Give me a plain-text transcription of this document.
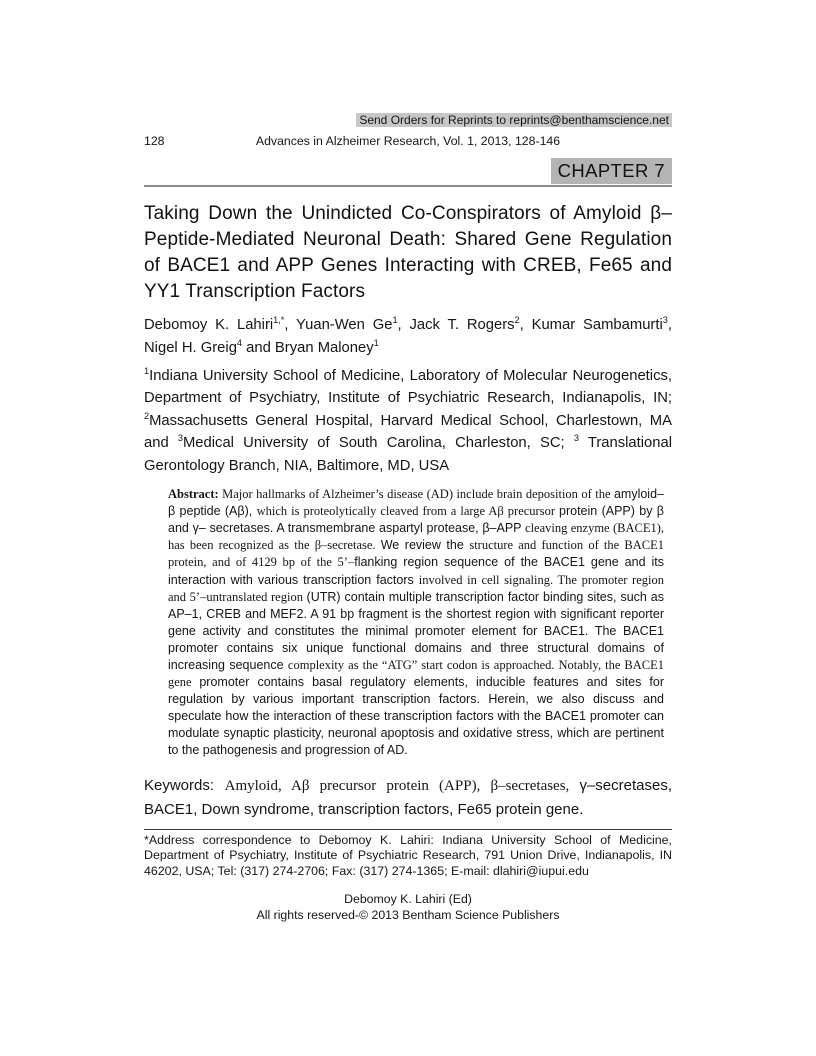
Send Orders for Reprints to reprints@benthamscience.net
128	Advances in Alzheimer Research, Vol. 1, 2013, 128-146
CHAPTER 7
Taking Down the Unindicted Co-Conspirators of Amyloid β–Peptide-Mediated Neuronal Death: Shared Gene Regulation of BACE1 and APP Genes Interacting with CREB, Fe65 and YY1 Transcription Factors

Debomoy K. Lahiri$^{1,*}$, Yuan-Wen Ge$^1$, Jack T. Rogers$^2$, Kumar Sambamurti$^3$, Nigel H. Greig$^4$ and Bryan Maloney$^1$

$^1$Indiana University School of Medicine, Laboratory of Molecular Neurogenetics, Department of Psychiatry, Institute of Psychiatric Research, Indianapolis, IN; $^2$Massachusetts General Hospital, Harvard Medical School, Charlestown, MA and $^3$Medical University of South Carolina, Charleston, SC; $^3$ Translational Gerontology Branch, NIA, Baltimore, MD, USA

Abstract: Major hallmarks of Alzheimer’s disease (AD) include brain deposition of the amyloid–β peptide (Aβ), which is proteolytically cleaved from a large Aβ precursor protein (APP) by β and γ– secretases. A transmembrane aspartyl protease, β–APP cleaving enzyme (BACE1), has been recognized as the β–secretase. We review the structure and function of the BACE1 protein, and of 4129 bp of the 5’–flanking region sequence of the BACE1 gene and its interaction with various transcription factors involved in cell signaling. The promoter region and 5’–untranslated region (UTR) contain multiple transcription factor binding sites, such as AP–1, CREB and MEF2. A 91 bp fragment is the shortest region with significant reporter gene activity and constitutes the minimal promoter element for BACE1. The BACE1 promoter contains six unique functional domains and three structural domains of increasing sequence complexity as the “ATG” start codon is approached. Notably, the BACE1 gene promoter contains basal regulatory elements, inducible features and sites for regulation by various important transcription factors. Herein, we also discuss and speculate how the interaction of these transcription factors with the BACE1 promoter can modulate synaptic plasticity, neuronal apoptosis and oxidative stress, which are pertinent to the pathogenesis and progression of AD.

Keywords: Amyloid, Aβ precursor protein (APP), β–secretases, γ–secretases, BACE1, Down syndrome, transcription factors, Fe65 protein gene.

*Address correspondence to Debomoy K. Lahiri: Indiana University School of Medicine, Department of Psychiatry, Institute of Psychiatric Research, 791 Union Drive, Indianapolis, IN 46202, USA; Tel: (317) 274-2706; Fax: (317) 274-1365; E-mail: dlahiri@iupui.edu

Debomoy K. Lahiri (Ed)
All rights reserved-© 2013 Bentham Science Publishers
